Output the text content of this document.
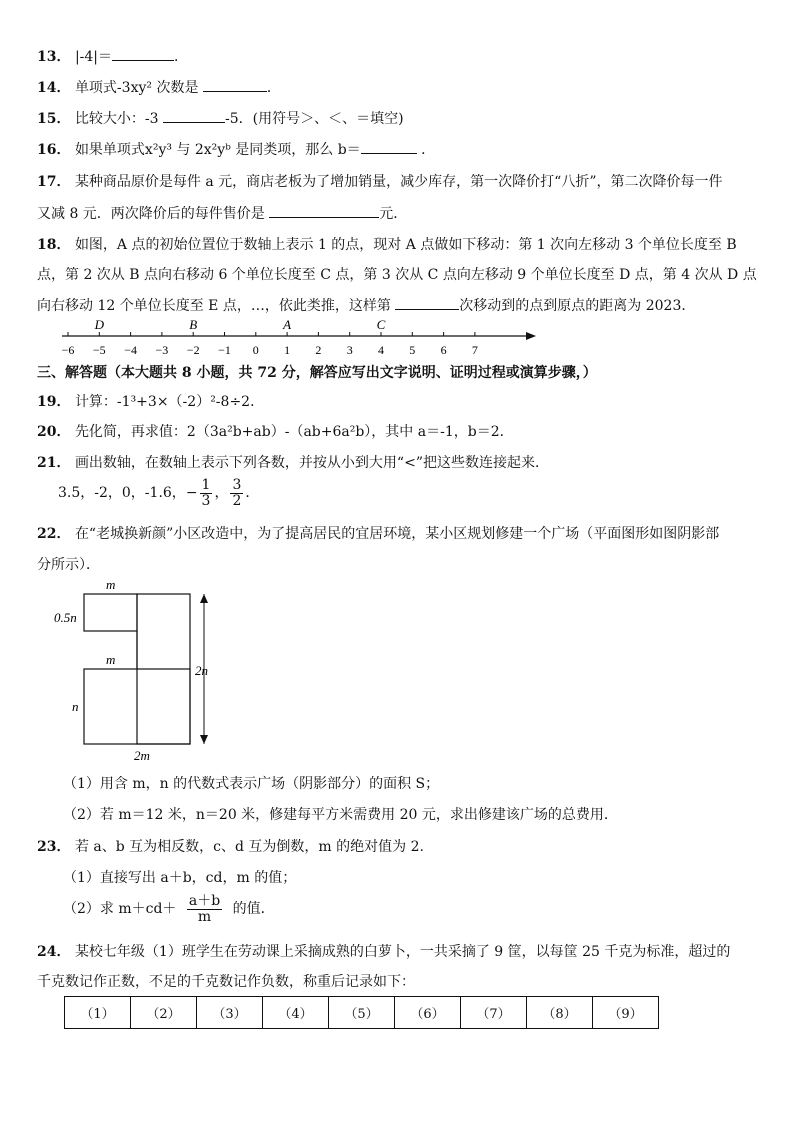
13． |-4|＝	．
14． 单项式-3xy² 次数是	．
15． 比较大小：-3	-5．(用符号＞、＜、＝填空)
16． 如果单项式x²y³ 与 2x²yᵇ 是同类项，那么 b＝	．
17． 某种商品原价是每件 a 元，商店老板为了增加销量，减少库存，第一次降价打“八折”，第二次降价每一件
又减 8 元．两次降价后的每件售价是	元．
18． 如图，A 点的初始位置位于数轴上表示 1 的点，现对 A 点做如下移动：第 1 次向左移动 3 个单位长度至 B
点，第 2 次从 B 点向右移动 6 个单位长度至 C 点，第 3 次从 C 点向左移动 9 个单位长度至 D 点，第 4 次从 D 点
向右移动 12 个单位长度至 E 点，…，依此类推，这样第	次移动到的点到原点的距离为 2023．
−6 −5 −4 −3 −2 −1 0 1 2 3 4 5 6 7
D	B	A	C
三、解答题（本大题共 8 小题，共 72 分，解答应写出文字说明、证明过程或演算步骤，）
19． 计算：-1³+3×（-2）²-8÷2．
20． 先化简，再求值：2（3a²b+ab）-（ab+6a²b），其中 a＝-1，b＝2．
21． 画出数轴，在数轴上表示下列各数，并按从小到大用“<”把这些数连接起来．
3.5，-2，0，-1.6，− $\frac{1}{3}$ ， $\frac{3}{2}$ ．
22． 在“老城换新颜”小区改造中，为了提高居民的宜居环境，某小区规划修建一个广场（平面图形如图阴影部
分所示）．
m
0.5n
m
n
2n
2m
（1）用含 m，n 的代数式表示广场（阴影部分）的面积 S；
（2）若 m＝12 米，n＝20 米，修建每平方米需费用 20 元，求出修建该广场的总费用．
23． 若 a、b 互为相反数，c、d 互为倒数，m 的绝对值为 2.
（1）直接写出 a＋b，cd，m 的值；
（2）求 $m+cd+ \frac{a+b}{m}$ 的值．
24． 某校七年级（1）班学生在劳动课上采摘成熟的白萝卜，一共采摘了 9 筐，以每筐 25 千克为标准，超过的
千克数记作正数，不足的千克数记作负数，称重后记录如下：
（1）	（2）	（3）	（4）	（5）	（6）	（7）	（8）	（9）
